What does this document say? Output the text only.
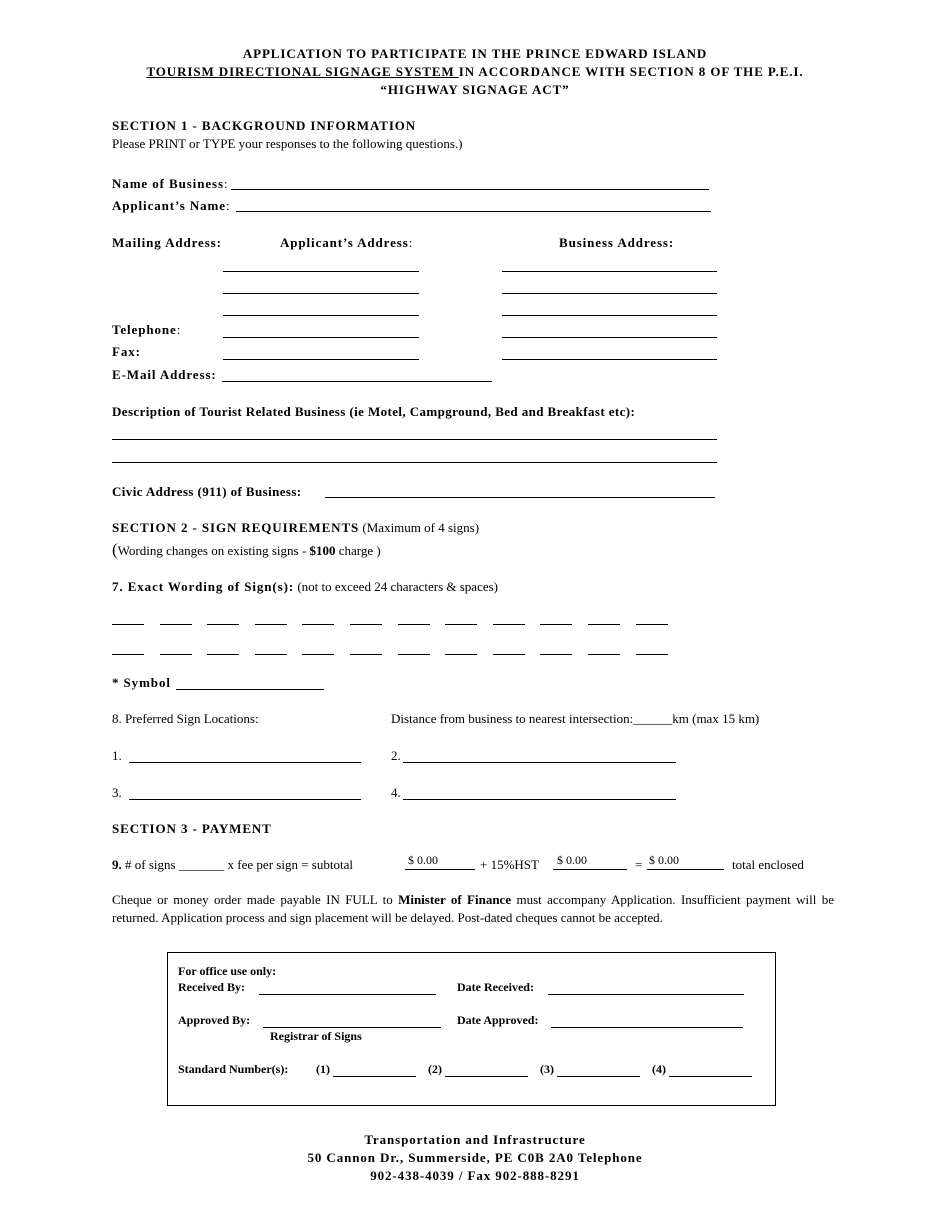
APPLICATION TO PARTICIPATE IN THE PRINCE EDWARD ISLAND
TOURISM DIRECTIONAL SIGNAGE SYSTEM IN ACCORDANCE WITH SECTION 8 OF THE P.E.I.
“HIGHWAY SIGNAGE ACT”
SECTION 1 - BACKGROUND INFORMATION
Please PRINT or TYPE your responses to the following questions.)
Name of Business:
Applicant’s Name:
Mailing Address:	Applicant’s Address:	Business Address:
Telephone:
Fax:
E-Mail Address:
Description of Tourist Related Business (ie Motel, Campground, Bed and Breakfast etc):
Civic Address (911) of Business:
SECTION 2 - SIGN REQUIREMENTS (Maximum of 4 signs)
(Wording changes on existing signs - $100 charge )
7. Exact Wording of Sign(s): (not to exceed 24 characters & spaces)
* Symbol
8. Preferred Sign Locations:	Distance from business to nearest intersection:______km (max 15 km)
1.	2.
3.	4.
SECTION 3 - PAYMENT
9. # of signs _______ x fee per sign = subtotal	$ 0.00	+ 15%HST $ 0.00	= $ 0.00	total enclosed
Cheque or money order made payable IN FULL to Minister of Finance must accompany Application. Insufficient payment will be returned. Application process and sign placement will be delayed. Post-dated cheques cannot be accepted.
For office use only:
Received By:	Date Received:
Approved By:	Date Approved:
Registrar of Signs
Standard Number(s): (1)	(2)	(3)	(4)
Transportation and Infrastructure
50 Cannon Dr., Summerside, PE C0B 2A0 Telephone
902-438-4039 / Fax 902-888-8291
